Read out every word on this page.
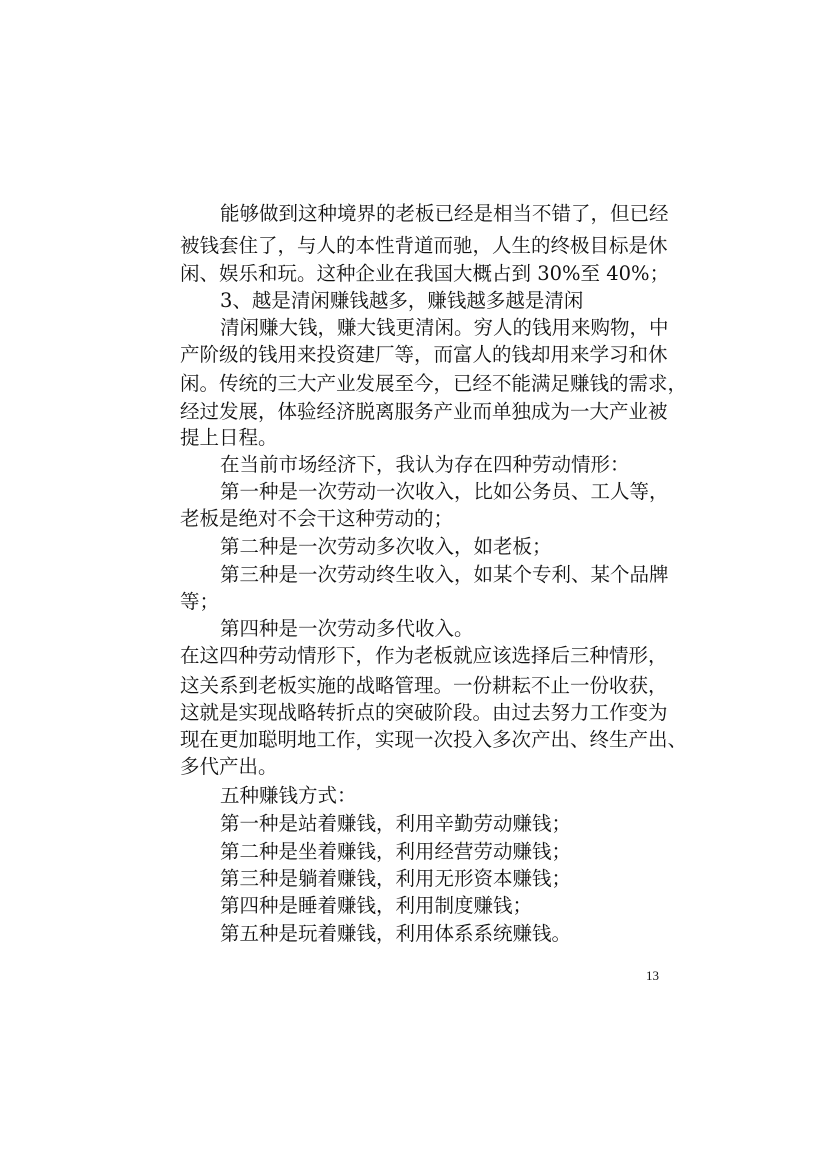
能够做到这种境界的老板已经是相当不错了，但已经
被钱套住了，与人的本性背道而驰，人生的终极目标是休
闲、娱乐和玩。这种企业在我国大概占到 30%至 40%；
3、越是清闲赚钱越多，赚钱越多越是清闲
清闲赚大钱，赚大钱更清闲。穷人的钱用来购物，中
产阶级的钱用来投资建厂等，而富人的钱却用来学习和休
闲。传统的三大产业发展至今，已经不能满足赚钱的需求，
经过发展，体验经济脱离服务产业而单独成为一大产业被
提上日程。
在当前市场经济下，我认为存在四种劳动情形：
第一种是一次劳动一次收入，比如公务员、工人等，
老板是绝对不会干这种劳动的；
第二种是一次劳动多次收入，如老板；
第三种是一次劳动终生收入，如某个专利、某个品牌
等；
第四种是一次劳动多代收入。
在这四种劳动情形下，作为老板就应该选择后三种情形，
这关系到老板实施的战略管理。一份耕耘不止一份收获，
这就是实现战略转折点的突破阶段。由过去努力工作变为
现在更加聪明地工作，实现一次投入多次产出、终生产出、
多代产出。
五种赚钱方式：
第一种是站着赚钱，利用辛勤劳动赚钱；
第二种是坐着赚钱，利用经营劳动赚钱；
第三种是躺着赚钱，利用无形资本赚钱；
第四种是睡着赚钱，利用制度赚钱；
第五种是玩着赚钱，利用体系系统赚钱。
13
